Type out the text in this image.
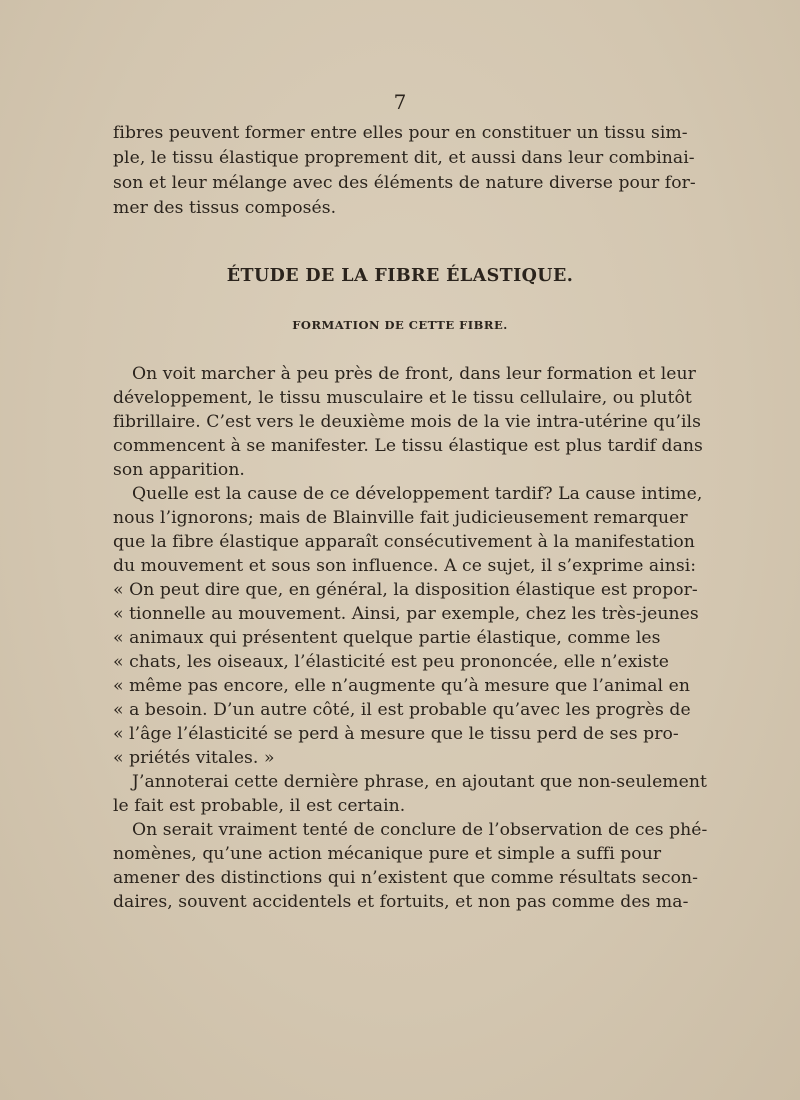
7
fibres peuvent former entre elles pour en constituer un tissu sim-
ple, le tissu élastique proprement dit, et aussi dans leur combinai-
son et leur mélange avec des éléments de nature diverse pour for-
mer des tissus composés.
ÉTUDE DE LA FIBRE ÉLASTIQUE.
FORMATION DE CETTE FIBRE.
On voit marcher à peu près de front, dans leur formation et leur
développement, le tissu musculaire et le tissu cellulaire, ou plutôt
fibrillaire. C’est vers le deuxième mois de la vie intra-utérine qu’ils
commencent à se manifester. Le tissu élastique est plus tardif dans
son apparition.
Quelle est la cause de ce développement tardif? La cause intime,
nous l’ignorons; mais de Blainville fait judicieusement remarquer
que la fibre élastique apparaît consécutivement à la manifestation
du mouvement et sous son influence. A ce sujet, il s’exprime ainsi:
« On peut dire que, en général, la disposition élastique est propor-
« tionnelle au mouvement. Ainsi, par exemple, chez les très-jeunes
« animaux qui présentent quelque partie élastique, comme les
« chats, les oiseaux, l’élasticité est peu prononcée, elle n’existe
« même pas encore, elle n’augmente qu’à mesure que l’animal en
« a besoin. D’un autre côté, il est probable qu’avec les progrès de
« l’âge l’élasticité se perd à mesure que le tissu perd de ses pro-
« priétés vitales. »
J’annoterai cette dernière phrase, en ajoutant que non-seulement
le fait est probable, il est certain.
On serait vraiment tenté de conclure de l’observation de ces phé-
nomènes, qu’une action mécanique pure et simple a suffi pour
amener des distinctions qui n’existent que comme résultats secon-
daires, souvent accidentels et fortuits, et non pas comme des ma-
